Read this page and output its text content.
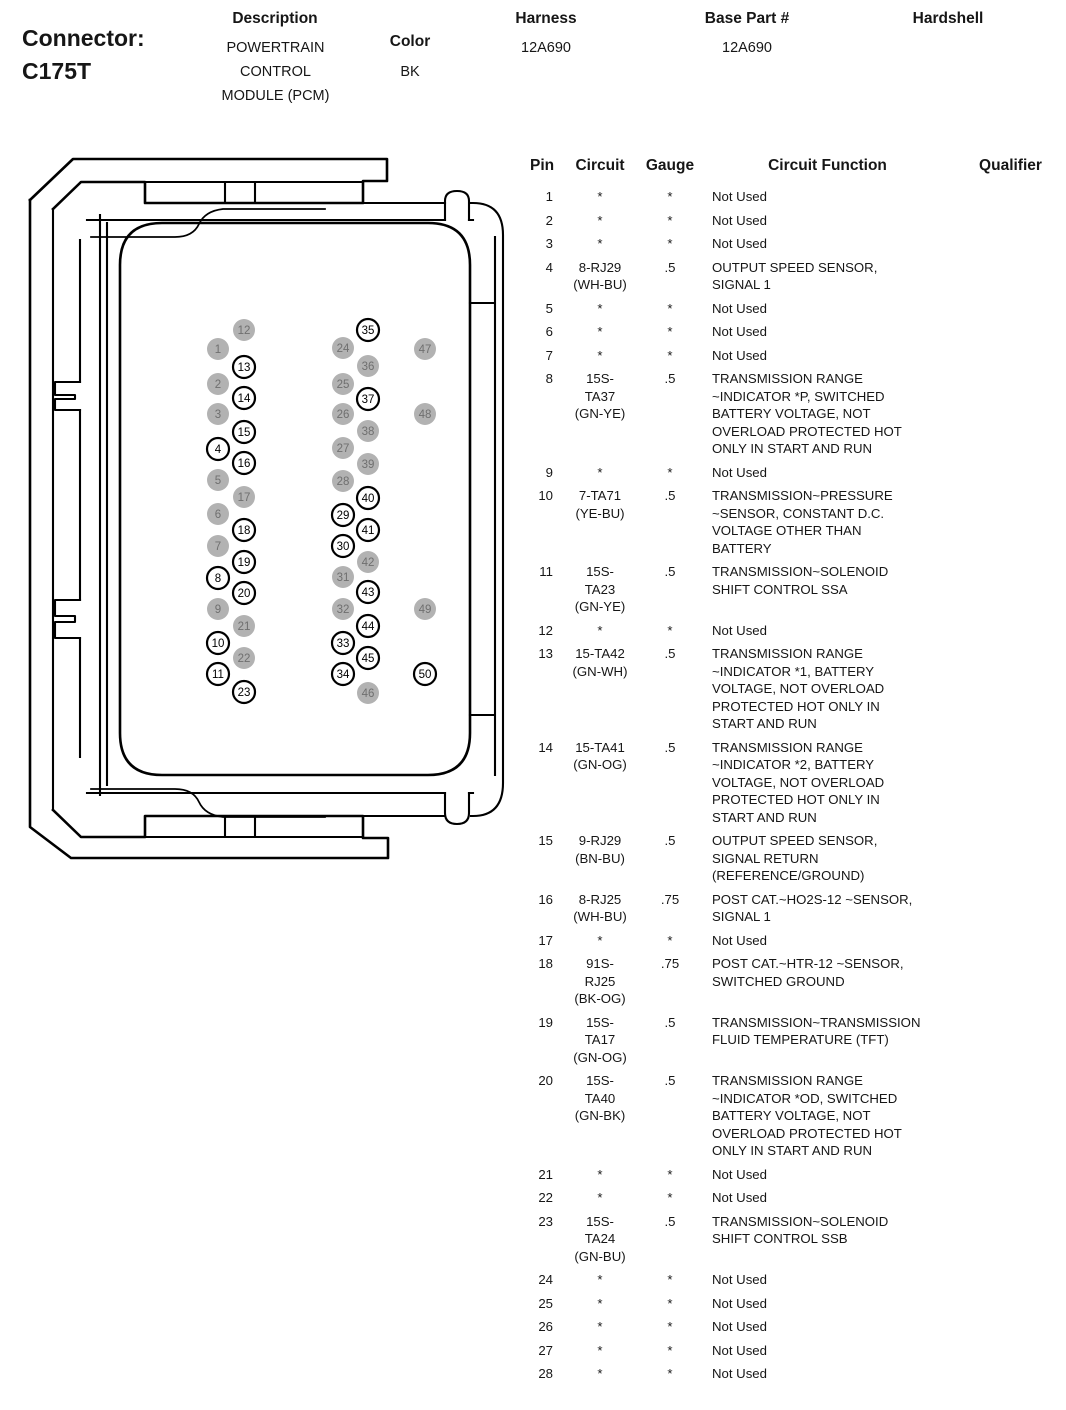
Connector:
C175T
Description
POWERTRAIN
CONTROL
MODULE (PCM)
Color
BK
Harness
12A690
Base Part #
12A690
Hardshell
1
2
3
4
5
6
7
8
9
10
11
12
13
14
15
16
17
18
19
20
21
22
23
24
25
26
27
28
29
30
31
32
33
34
35
36
37
38
39
40
41
42
43
44
45
46
47
48
49
50
Pin	Circuit	Gauge	Circuit Function	Qualifier
1	*	*	Not Used
2	*	*	Not Used
3	*	*	Not Used
4	8-RJ29
(WH-BU)
.5	OUTPUT SPEED SENSOR,
SIGNAL 1
5	*	*	Not Used
6	*	*	Not Used
7	*	*	Not Used
8	15S-
TA37
(GN-YE)
.5	TRANSMISSION RANGE
~INDICATOR *P, SWITCHED
BATTERY VOLTAGE, NOT
OVERLOAD PROTECTED HOT
ONLY IN START AND RUN
9	*	*	Not Used
10	7-TA71
(YE-BU)
.5	TRANSMISSION~PRESSURE
~SENSOR, CONSTANT D.C.
VOLTAGE OTHER THAN
BATTERY
11	15S-
TA23
(GN-YE)
.5	TRANSMISSION~SOLENOID
SHIFT CONTROL SSA
12	*	*	Not Used
13	15-TA42
(GN-WH)
.5	TRANSMISSION RANGE
~INDICATOR *1, BATTERY
VOLTAGE, NOT OVERLOAD
PROTECTED HOT ONLY IN
START AND RUN
14	15-TA41
(GN-OG)
.5	TRANSMISSION RANGE
~INDICATOR *2, BATTERY
VOLTAGE, NOT OVERLOAD
PROTECTED HOT ONLY IN
START AND RUN
15	9-RJ29
(BN-BU)
.5	OUTPUT SPEED SENSOR,
SIGNAL RETURN
(REFERENCE/GROUND)
16	8-RJ25
(WH-BU)
.75	POST CAT.~HO2S-12 ~SENSOR,
SIGNAL 1
17	*	*	Not Used
18	91S-
RJ25
(BK-OG)
.75	POST CAT.~HTR-12 ~SENSOR,
SWITCHED GROUND
19	15S-
TA17
(GN-OG)
.5	TRANSMISSION~TRANSMISSION
FLUID TEMPERATURE (TFT)
20	15S-
TA40
(GN-BK)
.5	TRANSMISSION RANGE
~INDICATOR *OD, SWITCHED
BATTERY VOLTAGE, NOT
OVERLOAD PROTECTED HOT
ONLY IN START AND RUN
21	*	*	Not Used
22	*	*	Not Used
23	15S-
TA24
(GN-BU)
.5	TRANSMISSION~SOLENOID
SHIFT CONTROL SSB
24	*	*	Not Used
25	*	*	Not Used
26	*	*	Not Used
27	*	*	Not Used
28	*	*	Not Used
